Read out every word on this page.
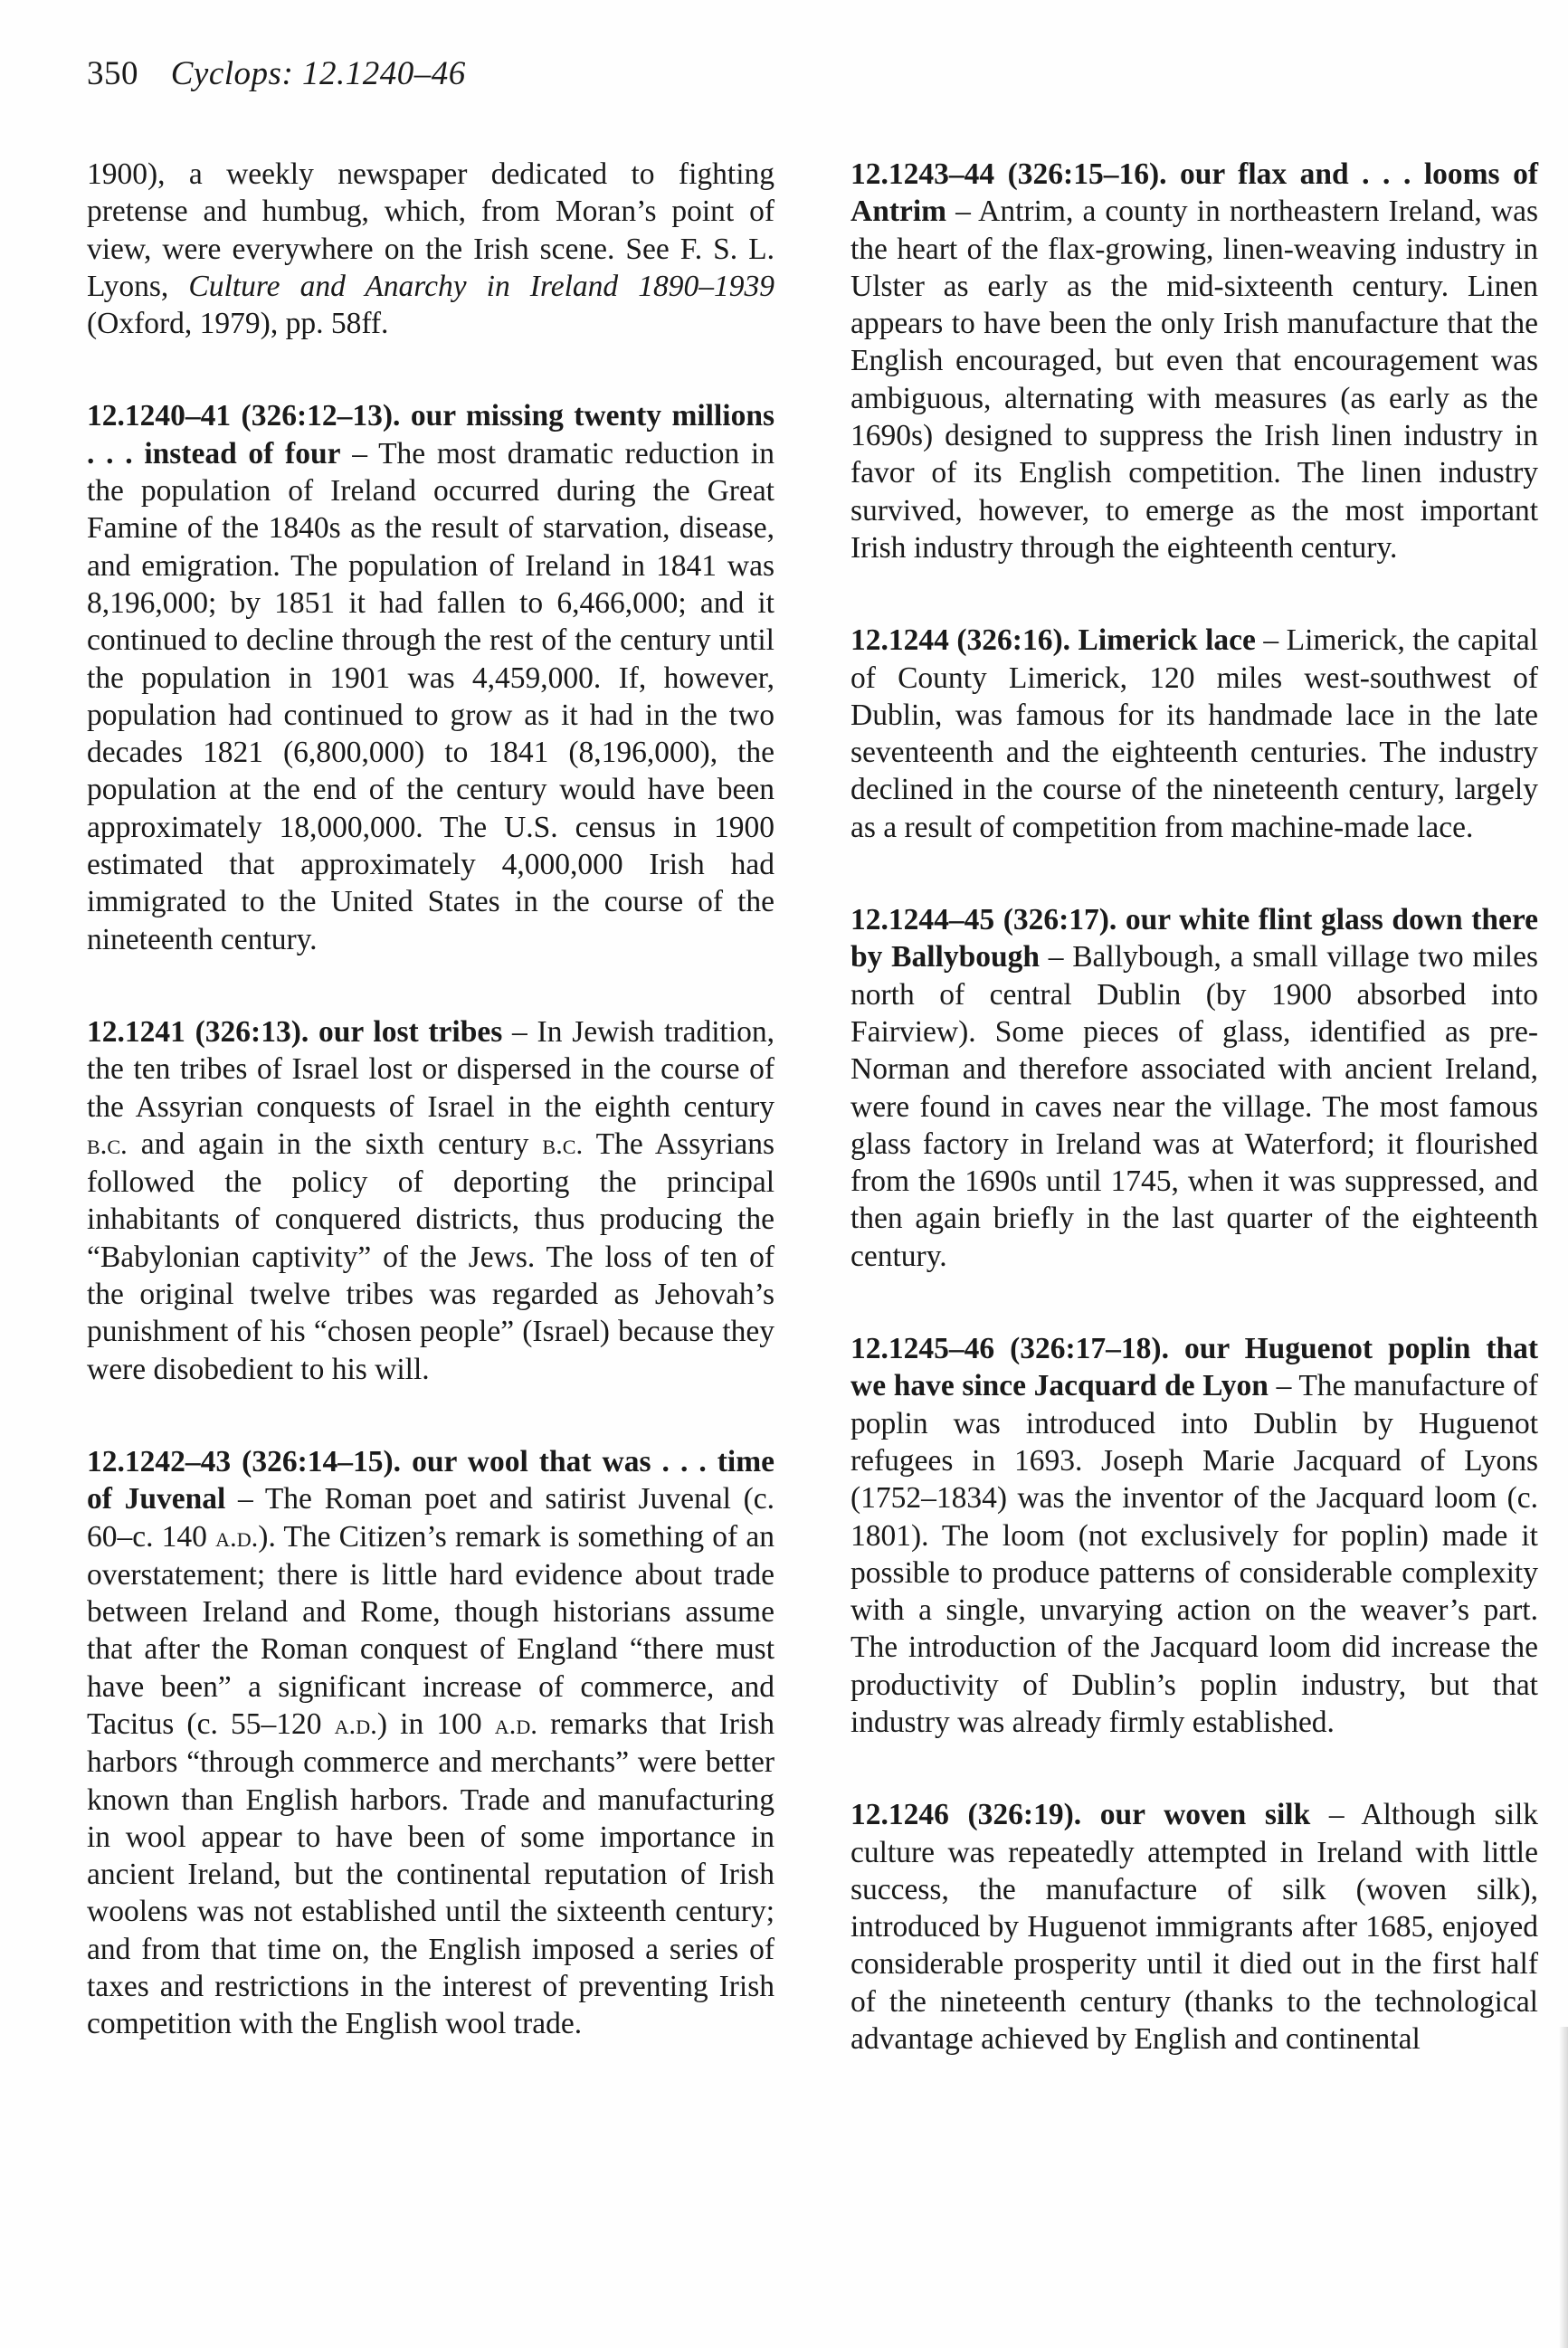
350 Cyclops: 12.1240–46

1900), a weekly newspaper dedicated to fighting pretense and humbug, which, from Moran’s point of view, were everywhere on the Irish scene. See F. S. L. Lyons, Culture and Anarchy in Ireland 1890–1939 (Oxford, 1979), pp. 58ff.

12.1240–41 (326:12–13). our missing twenty millions . . . instead of four – The most dramatic reduction in the population of Ireland occurred during the Great Famine of the 1840s as the result of starvation, disease, and emigration. The population of Ireland in 1841 was 8,196,000; by 1851 it had fallen to 6,466,000; and it continued to decline through the rest of the century until the population in 1901 was 4,459,000. If, however, population had continued to grow as it had in the two decades 1821 (6,800,000) to 1841 (8,196,000), the population at the end of the century would have been approximately 18,000,000. The U.S. census in 1900 estimated that approximately 4,000,000 Irish had immigrated to the United States in the course of the nineteenth century.

12.1241 (326:13). our lost tribes – In Jewish tradition, the ten tribes of Israel lost or dispersed in the course of the Assyrian conquests of Israel in the eighth century b.c. and again in the sixth century b.c. The Assyrians followed the policy of deporting the principal inhabitants of conquered districts, thus producing the “Babylonian captivity” of the Jews. The loss of ten of the original twelve tribes was regarded as Jehovah’s punishment of his “chosen people” (Israel) because they were disobedient to his will.

12.1242–43 (326:14–15). our wool that was . . . time of Juvenal – The Roman poet and satirist Juvenal (c. 60–c. 140 a.d.). The Citizen’s remark is something of an overstatement; there is little hard evidence about trade between Ireland and Rome, though historians assume that after the Roman conquest of England “there must have been” a significant increase of commerce, and Tacitus (c. 55–120 a.d.) in 100 a.d. remarks that Irish harbors “through commerce and merchants” were better known than English harbors. Trade and manufacturing in wool appear to have been of some importance in ancient Ireland, but the continental reputation of Irish woolens was not established until the sixteenth century; and from that time on, the English imposed a series of taxes and restrictions in the interest of preventing Irish competition with the English wool trade.

12.1243–44 (326:15–16). our flax and . . . looms of Antrim – Antrim, a county in northeastern Ireland, was the heart of the flax-growing, linen-weaving industry in Ulster as early as the mid-sixteenth century. Linen appears to have been the only Irish manufacture that the English encouraged, but even that encouragement was ambiguous, alternating with measures (as early as the 1690s) designed to suppress the Irish linen industry in favor of its English competition. The linen industry survived, however, to emerge as the most important Irish industry through the eighteenth century.

12.1244 (326:16). Limerick lace – Limerick, the capital of County Limerick, 120 miles west-southwest of Dublin, was famous for its handmade lace in the late seventeenth and the eighteenth centuries. The industry declined in the course of the nineteenth century, largely as a result of competition from machine-made lace.

12.1244–45 (326:17). our white flint glass down there by Ballybough – Ballybough, a small village two miles north of central Dublin (by 1900 absorbed into Fairview). Some pieces of glass, identified as pre-Norman and therefore associated with ancient Ireland, were found in caves near the village. The most famous glass factory in Ireland was at Waterford; it flourished from the 1690s until 1745, when it was suppressed, and then again briefly in the last quarter of the eighteenth century.

12.1245–46 (326:17–18). our Huguenot poplin that we have since Jacquard de Lyon – The manufacture of poplin was introduced into Dublin by Huguenot refugees in 1693. Joseph Marie Jacquard of Lyons (1752–1834) was the inventor of the Jacquard loom (c. 1801). The loom (not exclusively for poplin) made it possible to produce patterns of considerable complexity with a single, unvarying action on the weaver’s part. The introduction of the Jacquard loom did increase the productivity of Dublin’s poplin industry, but that industry was already firmly established.

12.1246 (326:19). our woven silk – Although silk culture was repeatedly attempted in Ireland with little success, the manufacture of silk (woven silk), introduced by Huguenot immigrants after 1685, enjoyed considerable prosperity until it died out in the first half of the nineteenth century (thanks to the technological advantage achieved by English and continental
